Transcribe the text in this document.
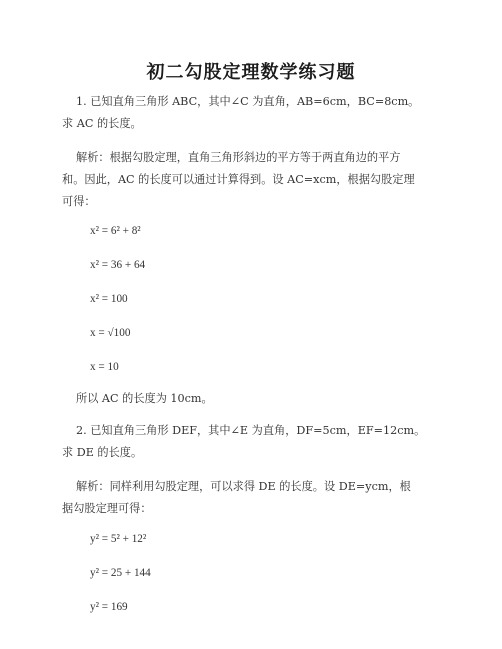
初二勾股定理数学练习题
1. 已知直角三角形 ABC，其中∠C 为直角，AB=6cm，BC=8cm。
求 AC 的长度。
解析：根据勾股定理，直角三角形斜边的平方等于两直角边的平方
和。因此，AC 的长度可以通过计算得到。设 AC=xcm，根据勾股定理
可得：
x² = 6² + 8²
x² = 36 + 64
x² = 100
x = √100
x = 10
所以 AC 的长度为 10cm。
2. 已知直角三角形 DEF，其中∠E 为直角，DF=5cm，EF=12cm。
求 DE 的长度。
解析：同样利用勾股定理，可以求得 DE 的长度。设 DE=ycm，根
据勾股定理可得：
y² = 5² + 12²
y² = 25 + 144
y² = 169
